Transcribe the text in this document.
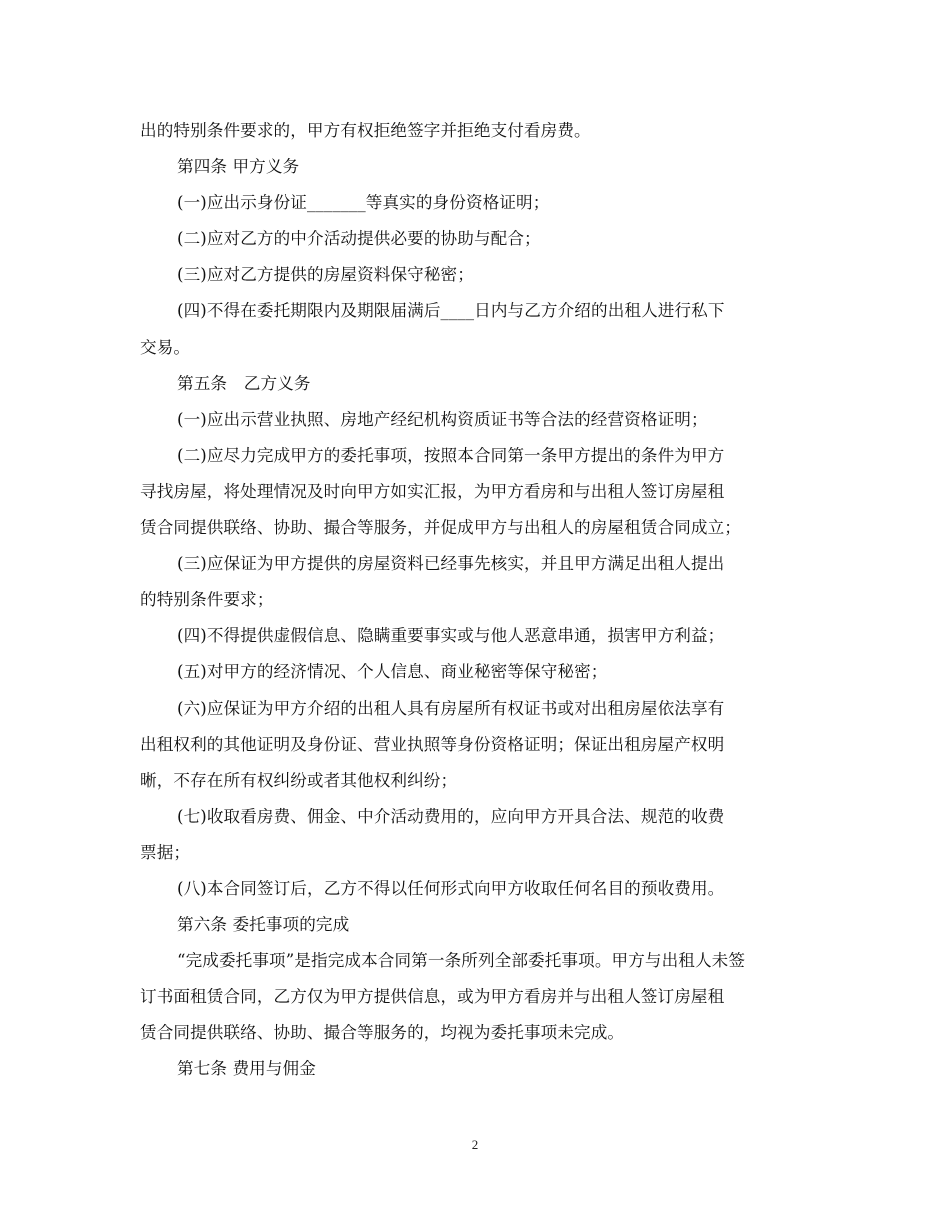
出的特别条件要求的，甲方有权拒绝签字并拒绝支付看房费。
第四条 甲方义务
(一)应出示身份证_______等真实的身份资格证明；
(二)应对乙方的中介活动提供必要的协助与配合；
(三)应对乙方提供的房屋资料保守秘密；
(四)不得在委托期限内及期限届满后____日内与乙方介绍的出租人进行私下
交易。
第五条　乙方义务
(一)应出示营业执照、房地产经纪机构资质证书等合法的经营资格证明；
(二)应尽力完成甲方的委托事项，按照本合同第一条甲方提出的条件为甲方
寻找房屋，将处理情况及时向甲方如实汇报，为甲方看房和与出租人签订房屋租
赁合同提供联络、协助、撮合等服务，并促成甲方与出租人的房屋租赁合同成立；
(三)应保证为甲方提供的房屋资料已经事先核实，并且甲方满足出租人提出
的特别条件要求；
(四)不得提供虚假信息、隐瞒重要事实或与他人恶意串通，损害甲方利益；
(五)对甲方的经济情况、个人信息、商业秘密等保守秘密；
(六)应保证为甲方介绍的出租人具有房屋所有权证书或对出租房屋依法享有
出租权利的其他证明及身份证、营业执照等身份资格证明；保证出租房屋产权明
晰，不存在所有权纠纷或者其他权利纠纷；
(七)收取看房费、佣金、中介活动费用的，应向甲方开具合法、规范的收费
票据；
(八)本合同签订后，乙方不得以任何形式向甲方收取任何名目的预收费用。
第六条 委托事项的完成
“完成委托事项”是指完成本合同第一条所列全部委托事项。甲方与出租人未签
订书面租赁合同，乙方仅为甲方提供信息，或为甲方看房并与出租人签订房屋租
赁合同提供联络、协助、撮合等服务的，均视为委托事项未完成。
第七条 费用与佣金
2
